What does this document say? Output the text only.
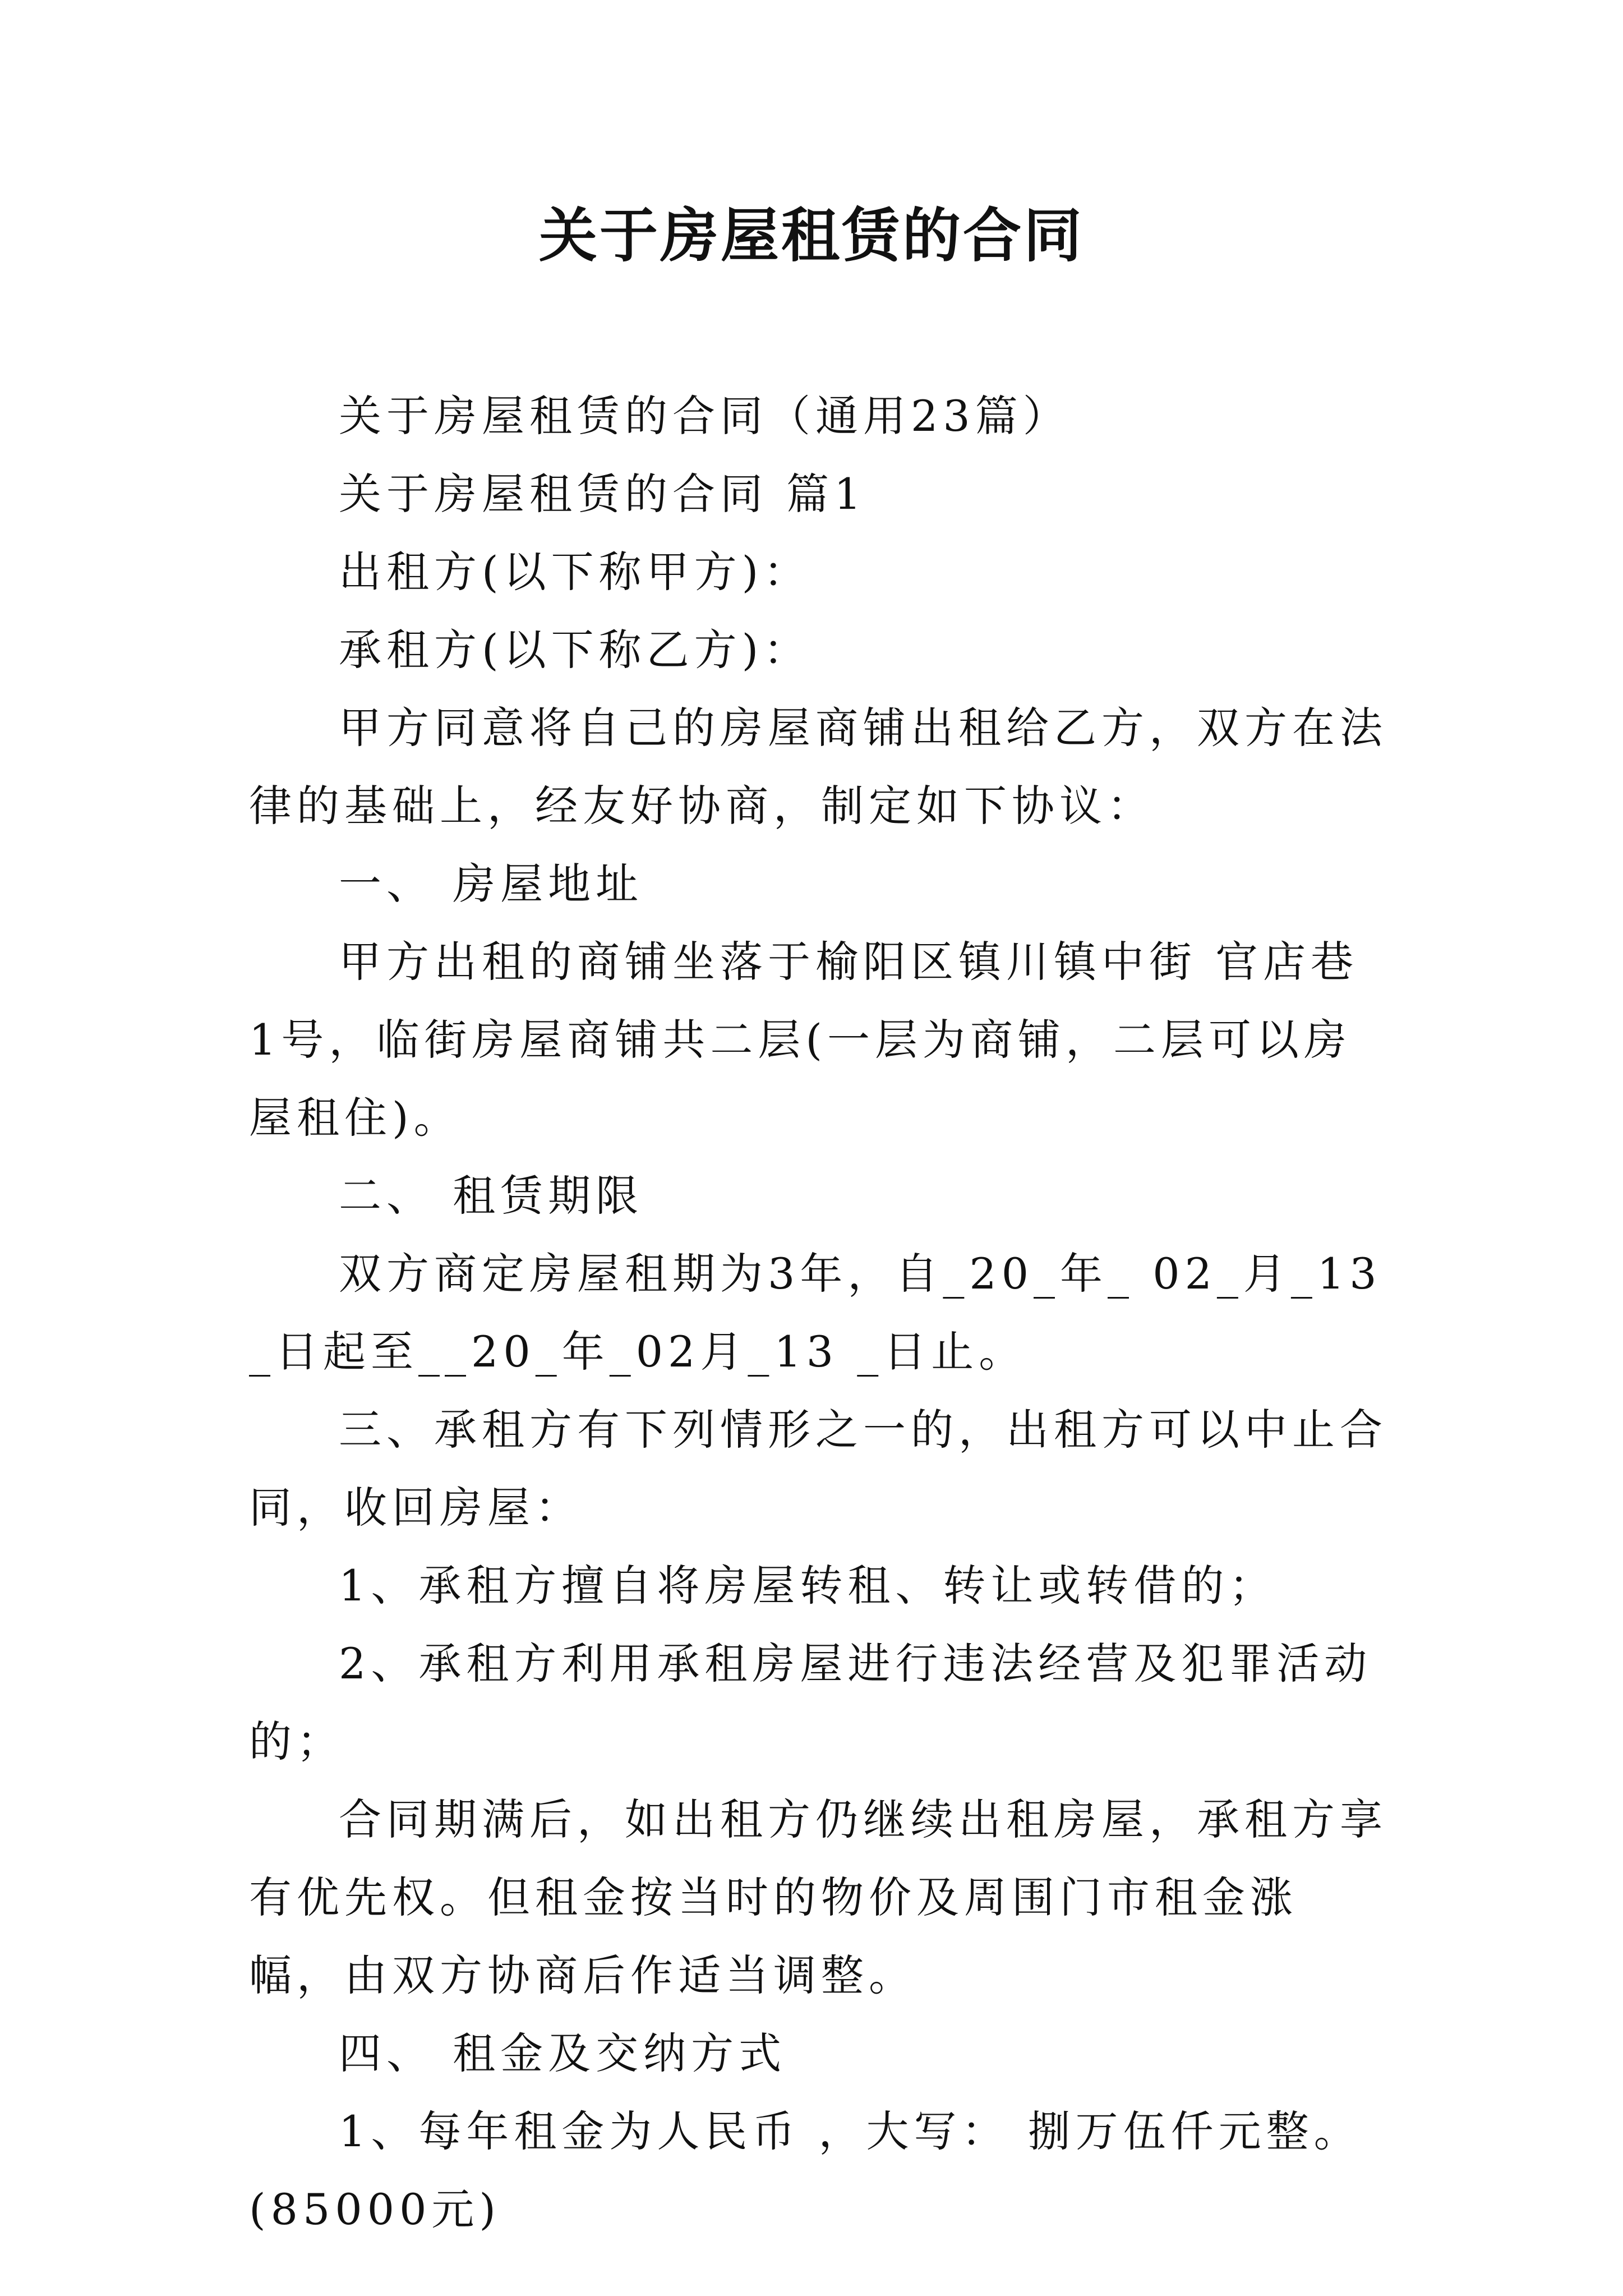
关于房屋租赁的合同

关于房屋租赁的合同（通用23篇）

关于房屋租赁的合同 篇1

出租方(以下称甲方)：

承租方(以下称乙方)：

甲方同意将自己的房屋商铺出租给乙方，双方在法律的基础上，经友好协商，制定如下协议：

一、 房屋地址

甲方出租的商铺坐落于榆阳区镇川镇中街 官店巷1号，临街房屋商铺共二层(一层为商铺，二层可以房屋租住)。

二、 租赁期限

双方商定房屋租期为3年，自_20_年_ 02_月_13 _日起至__20_年_02月_13 _日止。

三、承租方有下列情形之一的，出租方可以中止合同，收回房屋：

1、承租方擅自将房屋转租、转让或转借的；

2、承租方利用承租房屋进行违法经营及犯罪活动的；

合同期满后，如出租方仍继续出租房屋，承租方享有优先权。但租金按当时的物价及周围门市租金涨幅，由双方协商后作适当调整。

四、 租金及交纳方式

1、每年租金为人民币 ，大写： 捌万伍仟元整。(85000元)
